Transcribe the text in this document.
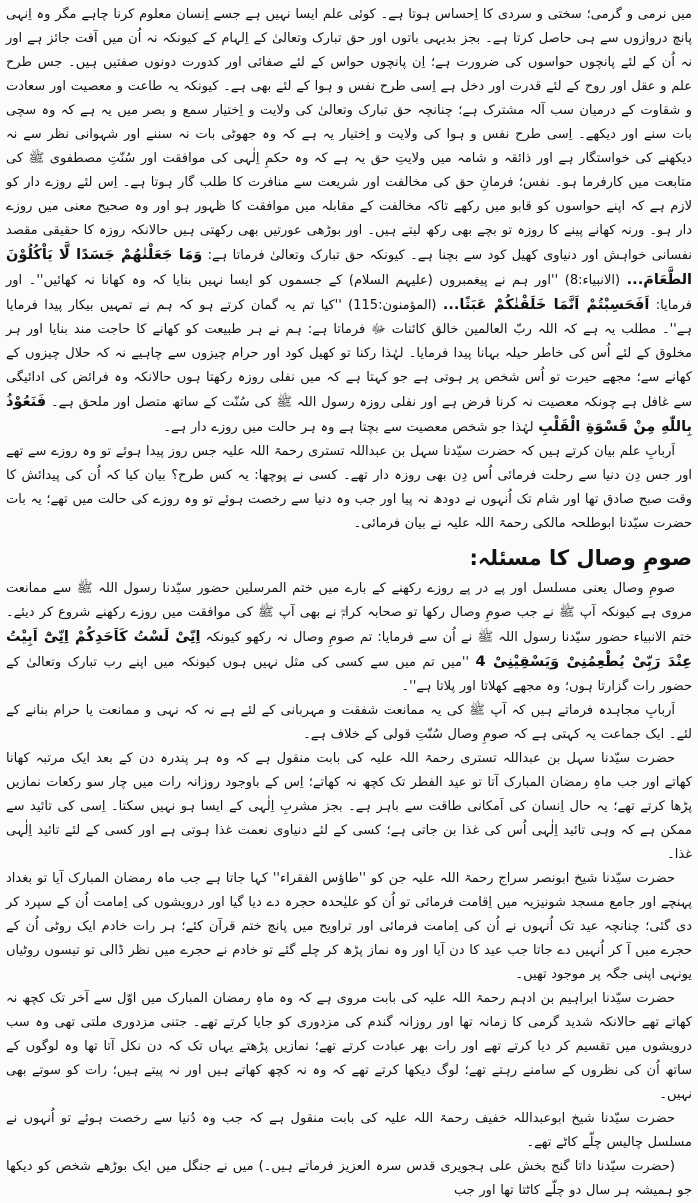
میں نرمی و گرمی؛ سختی و سردی کا اِحساس ہوتا ہے۔ کوئی علم ایسا نہیں ہے جسے اِنسان معلوم کرنا چاہے مگر وہ اِنہی پانچ دروازوں سے ہی حاصل کرتا ہے۔ بجز بدیہی باتوں اور حق تبارک وتعالیٰ کے اِلہام کے کیونکہ نہ اُن میں آفت جائز ہے اور نہ اُن کے لئے پانچوں حواسوں کی ضرورت ہے؛ اِن پانچوں حواس کے لئے صفائی اور کدورت دونوں صفتیں ہیں۔ جس طرح علم و عقل اور روح کے لئے قدرت اور دخل ہے اِسی طرح نفس و ہوا کے لئے بھی ہے۔ کیونکہ یہ طاعت و معصیت اور سعادت و شقاوت کے درمیان سب آلہ مشترک ہے؛ چنانچہ حق تبارک وتعالیٰ کی ولایت و اِختیار سمع و بصر میں یہ ہے کہ وہ سچی بات سنے اور دیکھے۔ اِسی طرح نفس و ہوا کی ولایت و اِختیار یہ ہے کہ وہ جھوٹی بات نہ سننے اور شہوانی نظر سے نہ دیکھنے کی خواستگار ہے اور ذائقہ و شامہ میں ولایتِ حق یہ ہے کہ وہ حکمِ اِلٰہی کی موافقت اور سُنّتِ مصطفوی ﷺ کی متابعت میں کارفرما ہو۔ نفس؛ فرمانِ حق کی مخالفت اور شریعت سے منافرت کا طلب گار ہوتا ہے۔ اِس لئے روزے دار کو لازم ہے کہ اپنے حواسوں کو قابو میں رکھے تاکہ مخالفت کے مقابلہ میں موافقت کا ظہور ہو اور وہ صحیح معنی میں روزے دار ہو۔ ورنہ کھانے پینے کا روزہ تو بچے بھی رکھ لیتے ہیں۔ اور بوڑھی عورتیں بھی رکھتی ہیں حالانکہ روزہ کا حقیقی مقصد نفسانی خواہش اور دنیاوی کھیل کود سے بچنا ہے۔ کیونکہ حق تبارک وتعالیٰ فرماتا ہے: وَمَا جَعَلْنٰهُمْ جَسَدًا لَّا يَاْكُلُوْنَ الطَّعَامَ... (الانبیاء:8) ''اور ہم نے پیغمبروں (علیہم السلام) کے جسموں کو ایسا نہیں بنایا کہ وہ کھانا نہ کھائیں''۔ اور فرمایا: اَفَحَسِبْتُمْ اَنَّمَا خَلَقْنٰكُمْ عَبَثًا... (المؤمنون:115) ''کیا تم یہ گمان کرتے ہو کہ ہم نے تمہیں بیکار پیدا فرمایا ہے''۔ مطلب یہ ہے کہ اللہ ربّ العالمین خالق کائنات ﷻ فرماتا ہے: ہم نے ہر طبیعت کو کھانے کا حاجت مند بنایا اور ہر مخلوق کے لئے اُس کی خاطر حیلہ بہانا پیدا فرمایا۔ لہٰذا رکنا تو کھیل کود اور حرام چیزوں سے چاہیے نہ کہ حلال چیزوں کے کھانے سے؛ مجھے حیرت تو اُس شخص پر ہوتی ہے جو کہتا ہے کہ میں نفلی روزہ رکھتا ہوں حالانکہ وہ فرائض کی ادائیگی سے غافل ہے چونکہ معصیت نہ کرنا فرض ہے اور نفلی روزہ رسول اللہ ﷺ کی سُنّت کے ساتھ متصل اور ملحق ہے۔ فَنَعُوْذُ بِاللّٰهِ مِنْ قَسْوَةِ الْقَلْبِ لہٰذا جو شخص معصیت سے بچتا ہے وہ ہر حالت میں روزے دار ہے۔

اَربابِ علم بیان کرتے ہیں کہ حضرت سیّدنا سہل بن عبداللہ تستری رحمۃ اللہ علیہ جس روز پیدا ہوئے تو وہ روزے سے تھے اور جس دِن دنیا سے رحلت فرمائی اُس دِن بھی روزہ دار تھے۔ کسی نے پوچھا: یہ کس طرح؟ بیان کیا کہ اُن کی پیدائش کا وقت صبح صادق تھا اور شام تک اُنہوں نے دودھ نہ پیا اور جب وہ دنیا سے رخصت ہوئے تو وہ روزے کی حالت میں تھے؛ یہ بات حضرت سیّدنا ابوطلحہ مالکی رحمۃ اللہ علیہ نے بیان فرمائی۔

صومِ وصال کا مسئلہ:

صومِ وصال یعنی مسلسل اور پے در پے روزے رکھنے کے بارے میں ختم المرسلین حضور سیّدنا رسول اللہ ﷺ سے ممانعت مروی ہے کیونکہ آپ ﷺ نے جب صومِ وصال رکھا تو صحابہ کرامؓ نے بھی آپ ﷺ کی موافقت میں روزے رکھنے شروع کر دیئے۔ ختم الانبیاء حضور سیّدنا رسول اللہ ﷺ نے اُن سے فرمایا: تم صومِ وصال نہ رکھو کیونکہ اِنِّیْ لَسْتُ کَاَحَدِکُمْ اِنِّیْٓ اَبِیْتُ عِنْدَ رَبِّیْ یُطْعِمُنِیْ وَیَسْقِیْنِیْ 4 ''میں تم میں سے کسی کی مثل نہیں ہوں کیونکہ میں اپنے رب تبارک وتعالیٰ کے حضور رات گزارتا ہوں؛ وہ مجھے کھلاتا اور پلاتا ہے''۔

اَربابِ مجاہدہ فرماتے ہیں کہ آپ ﷺ کی یہ ممانعت شفقت و مہربانی کے لئے ہے نہ کہ نہی و ممانعت یا حرام بنانے کے لئے۔ ایک جماعت یہ کہتی ہے کہ صومِ وصال سُنّتِ قولی کے خلاف ہے۔

حضرت سیّدنا سہل بن عبداللہ تستری رحمۃ اللہ علیہ کی بابت منقول ہے کہ وہ ہر پندرہ دن کے بعد ایک مرتبہ کھانا کھاتے اور جب ماہِ رمضان المبارک آتا تو عید الفطر تک کچھ نہ کھاتے؛ اِس کے باوجود روزانہ رات میں چار سو رکعات نمازیں پڑھا کرتے تھے؛ یہ حال اِنسان کی اَمکانی طاقت سے باہر ہے۔ بجز مشربِ اِلٰہی کے ایسا ہو نہیں سکتا۔ اِسی کی تائید سے ممکن ہے کہ وہی تائید اِلٰہی اُس کی غذا بن جاتی ہے؛ کسی کے لئے دنیاوی نعمت غذا ہوتی ہے اور کسی کے لئے تائید اِلٰہی غذا۔

حضرت سیّدنا شیخ ابونصر سراج رحمۃ اللہ علیہ جن کو ''طاؤس الفقراء'' کہا جاتا ہے جب ماہ رمضان المبارک آیا تو بغداد پہنچے اور جامع مسجد شونیزیہ میں اِقامت فرمائی تو اُن کو علیٰحدہ حجرہ دے دیا گیا اور درویشوں کی اِمامت اُن کے سپرد کر دی گئی؛ چنانچہ عید تک اُنہوں نے اُن کی اِمامت فرمائی اور تراویح میں پانچ ختم قرآن کئے؛ ہر رات خادم ایک روٹی اُن کے حجرے میں آ کر اُنہیں دے جاتا جب عید کا دن آیا اور وہ نماز پڑھ کر چلے گئے تو خادم نے حجرے میں نظر ڈالی تو تیسوں روٹیاں یونہی اپنی جگہ پر موجود تھیں۔

حضرت سیّدنا ابراہیم بن ادہم رحمۃ اللہ علیہ کی بابت مروی ہے کہ وہ ماہِ رمضان المبارک میں اوّل سے آخر تک کچھ نہ کھاتے تھے حالانکہ شدید گرمی کا زمانہ تھا اور روزانہ گندم کی مزدوری کو جایا کرتے تھے۔ جتنی مزدوری ملتی تھی وہ سب درویشوں میں تقسیم کر دیا کرتے تھے اور رات بھر عبادت کرتے تھے؛ نمازیں پڑھتے یہاں تک کہ دن نکل آتا تھا وہ لوگوں کے ساتھ اُن کی نظروں کے سامنے رہتے تھے؛ لوگ دیکھا کرتے تھے کہ وہ نہ کچھ کھاتے ہیں اور نہ پیتے ہیں؛ رات کو سوتے بھی نہیں۔

حضرت سیّدنا شیخ ابوعبداللہ خفیف رحمۃ اللہ علیہ کی بابت منقول ہے کہ جب وہ دُنیا سے رخصت ہوئے تو اُنہوں نے مسلسل چالیس چلّے کاٹے تھے۔

(حضرت سیّدنا داتا گنج بخش علی ہجویری قدس سرہ العزیز فرماتے ہیں۔) میں نے جنگل میں ایک بوڑھے شخص کو دیکھا جو ہمیشہ ہر سال دو چلّے کاٹتا تھا اور جب
